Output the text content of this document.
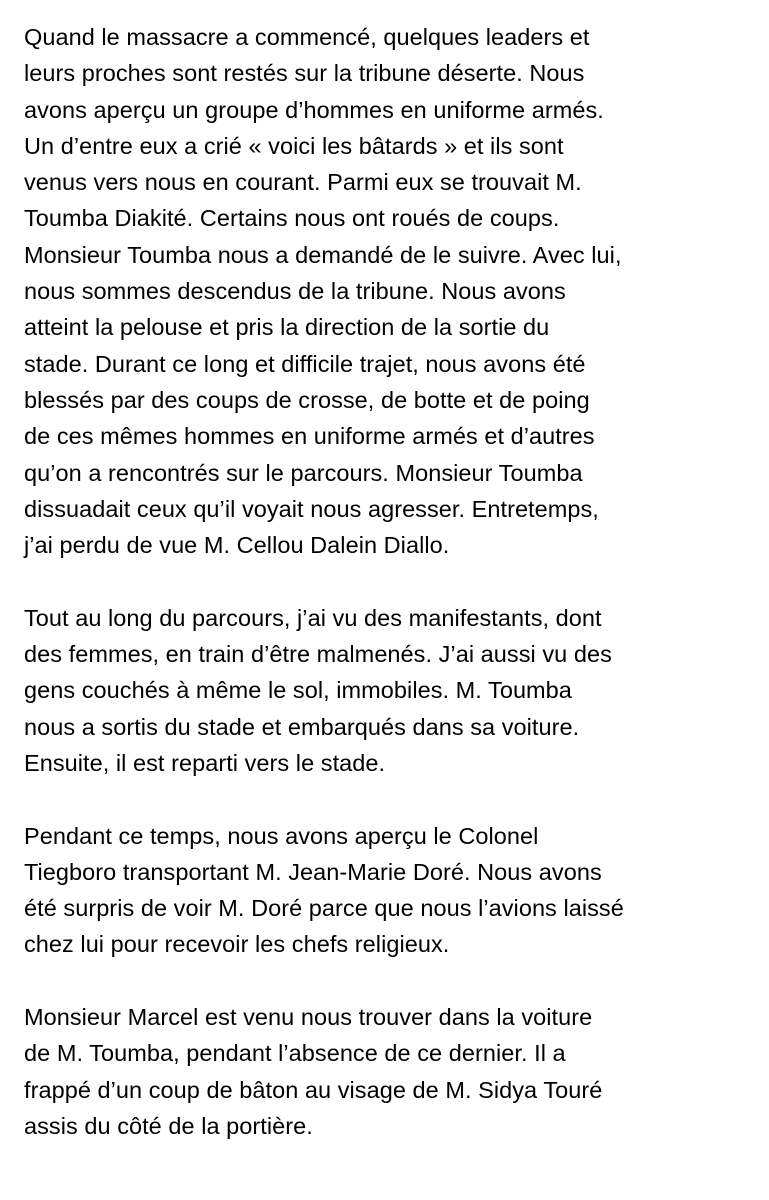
Quand le massacre a commencé, quelques leaders et
leurs proches sont restés sur la tribune déserte. Nous
avons aperçu un groupe d’hommes en uniforme armés.
Un d’entre eux a crié « voici les bâtards » et ils sont
venus vers nous en courant. Parmi eux se trouvait M.
Toumba Diakité. Certains nous ont roués de coups.
Monsieur Toumba nous a demandé de le suivre. Avec lui,
nous sommes descendus de la tribune. Nous avons
atteint la pelouse et pris la direction de la sortie du
stade. Durant ce long et difficile trajet, nous avons été
blessés par des coups de crosse, de botte et de poing
de ces mêmes hommes en uniforme armés et d’autres
qu’on a rencontrés sur le parcours. Monsieur Toumba
dissuadait ceux qu’il voyait nous agresser. Entretemps,
j’ai perdu de vue M. Cellou Dalein Diallo.
Tout au long du parcours, j’ai vu des manifestants, dont
des femmes, en train d’être malmenés. J’ai aussi vu des
gens couchés à même le sol, immobiles. M. Toumba
nous a sortis du stade et embarqués dans sa voiture.
Ensuite, il est reparti vers le stade.
Pendant ce temps, nous avons aperçu le Colonel
Tiegboro transportant M. Jean-Marie Doré. Nous avons
été surpris de voir M. Doré parce que nous l’avions laissé
chez lui pour recevoir les chefs religieux.
Monsieur Marcel est venu nous trouver dans la voiture
de M. Toumba, pendant l’absence de ce dernier. Il a
frappé d’un coup de bâton au visage de M. Sidya Touré
assis du côté de la portière.
